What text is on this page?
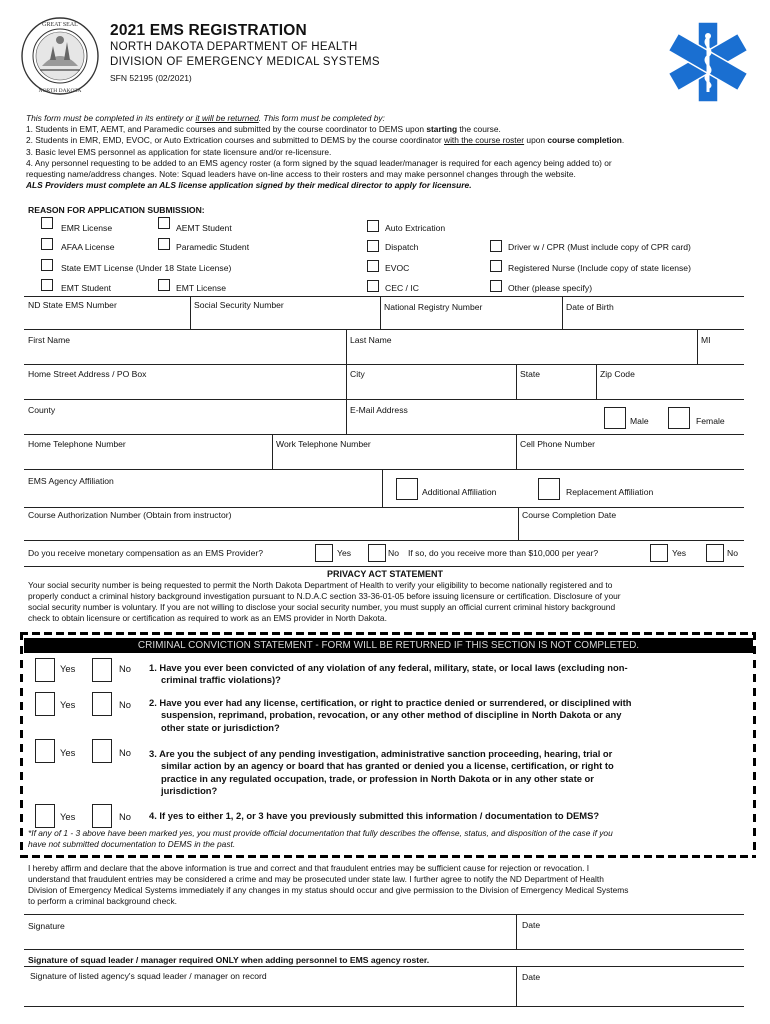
GREAT SEAL
NORTH DAKOTA
2021 EMS REGISTRATION
NORTH DAKOTA DEPARTMENT OF HEALTH
DIVISION OF EMERGENCY MEDICAL SYSTEMS
SFN 52195 (02/2021)

This form must be completed in its entirety or it will be returned. This form must be completed by:

1. Students in EMT, AEMT, and Paramedic courses and submitted by the course coordinator to DEMS upon starting the course.

2. Students in EMR, EMD, EVOC, or Auto Extrication courses and submitted to DEMS by the course coordinator with the course roster upon course completion.

3. Basic level EMS personnel as application for state licensure and/or re-licensure.

4. Any personnel requesting to be added to an EMS agency roster (a form signed by the squad leader/manager is required for each agency being added to) or

requesting name/address changes. Note: Squad leaders have on-line access to their rosters and may make personnel changes through the website.

ALS Providers must complete an ALS license application signed by their medical director to apply for licensure.

REASON FOR APPLICATION SUBMISSION:
EMR License	AEMT Student	Auto Extrication
AFAA License	Paramedic Student	Dispatch	Driver w / CPR (Must include copy of CPR card)
State EMT License (Under 18 State License)	EVOC	Registered Nurse (Include copy of state license)
EMT Student	EMT License	CEC / IC	Other (please specify)
ND State EMS Number	Social Security Number	National Registry Number	Date of Birth
First Name	Last Name	MI
Home Street Address / PO Box	City	State	Zip Code
County	E-Mail Address
Male	Female
Home Telephone Number	Work Telephone Number	Cell Phone Number
EMS Agency Affiliation
Additional Affiliation	Replacement Affiliation
Course Authorization Number (Obtain from instructor)	Course Completion Date
Do you receive monetary compensation as an EMS Provider?	Yes	No If so, do you receive more than $10,000 per year?	Yes	No
PRIVACY ACT STATEMENT

Your social security number is being requested to permit the North Dakota Department of Health to verify your eligibility to become nationally registered and to

properly conduct a criminal history background investigation pursuant to N.D.A.C section 33-36-01-05 before issuing licensure or certification. Disclosure of your

social security number is voluntary. If you are not willing to disclose your social security number, you must supply an official current criminal history background

check to obtain licensure or certification as required to work as an EMS provider in North Dakota.

CRIMINAL CONVICTION STATEMENT - FORM WILL BE RETURNED IF THIS SECTION IS NOT COMPLETED.
Yes	No 1. Have you ever been convicted of any violation of any federal, military, state, or local laws (excluding non-

criminal traffic violations)?

Yes	No 2. Have you ever had any license, certification, or right to practice denied or surrendered, or disciplined with

suspension, reprimand, probation, revocation, or any other method of discipline in North Dakota or any

other state or jurisdiction?

Yes	No 3. Are you the subject of any pending investigation, administrative sanction proceeding, hearing, trial or

similar action by an agency or board that has granted or denied you a license, certification, or right to

practice in any regulated occupation, trade, or profession in North Dakota or in any other state or

jurisdiction?

Yes	No 4. If yes to either 1, 2, or 3 have you previously submitted this information / documentation to DEMS?

*If any of 1 - 3 above have been marked yes, you must provide official documentation that fully describes the offense, status, and disposition of the case if you

have not submitted documentation to DEMS in the past.

I hereby affirm and declare that the above information is true and correct and that fraudulent entries may be sufficient cause for rejection or revocation. I

understand that fraudulent entries may be considered a crime and may be prosecuted under state law. I further agree to notify the ND Department of Health

Division of Emergency Medical Systems immediately if any changes in my status should occur and give permission to the Division of Emergency Medical Systems

to perform a criminal background check.

Signature	Date
Signature of squad leader / manager required ONLY when adding personnel to EMS agency roster.
Signature of listed agency's squad leader / manager on record	Date
